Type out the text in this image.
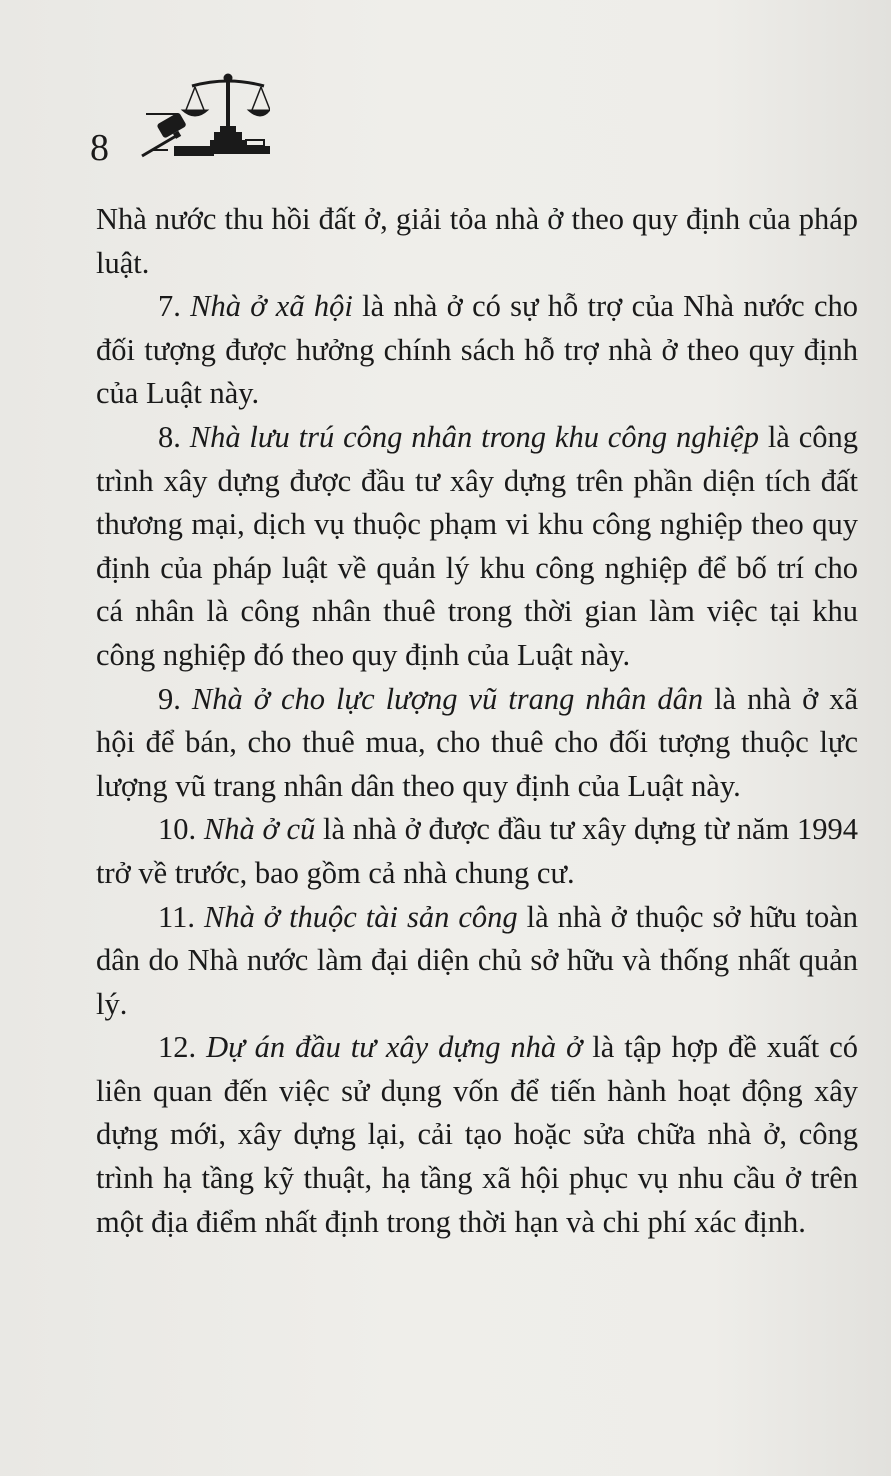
8

Nhà nước thu hồi đất ở, giải tỏa nhà ở theo quy định của pháp luật.

7. Nhà ở xã hội là nhà ở có sự hỗ trợ của Nhà nước cho đối tượng được hưởng chính sách hỗ trợ nhà ở theo quy định của Luật này.

8. Nhà lưu trú công nhân trong khu công nghiệp là công trình xây dựng được đầu tư xây dựng trên phần diện tích đất thương mại, dịch vụ thuộc phạm vi khu công nghiệp theo quy định của pháp luật về quản lý khu công nghiệp để bố trí cho cá nhân là công nhân thuê trong thời gian làm việc tại khu công nghiệp đó theo quy định của Luật này.

9. Nhà ở cho lực lượng vũ trang nhân dân là nhà ở xã hội để bán, cho thuê mua, cho thuê cho đối tượng thuộc lực lượng vũ trang nhân dân theo quy định của Luật này.

10. Nhà ở cũ là nhà ở được đầu tư xây dựng từ năm 1994 trở về trước, bao gồm cả nhà chung cư.

11. Nhà ở thuộc tài sản công là nhà ở thuộc sở hữu toàn dân do Nhà nước làm đại diện chủ sở hữu và thống nhất quản lý.

12. Dự án đầu tư xây dựng nhà ở là tập hợp đề xuất có liên quan đến việc sử dụng vốn để tiến hành hoạt động xây dựng mới, xây dựng lại, cải tạo hoặc sửa chữa nhà ở, công trình hạ tầng kỹ thuật, hạ tầng xã hội phục vụ nhu cầu ở trên một địa điểm nhất định trong thời hạn và chi phí xác định.
